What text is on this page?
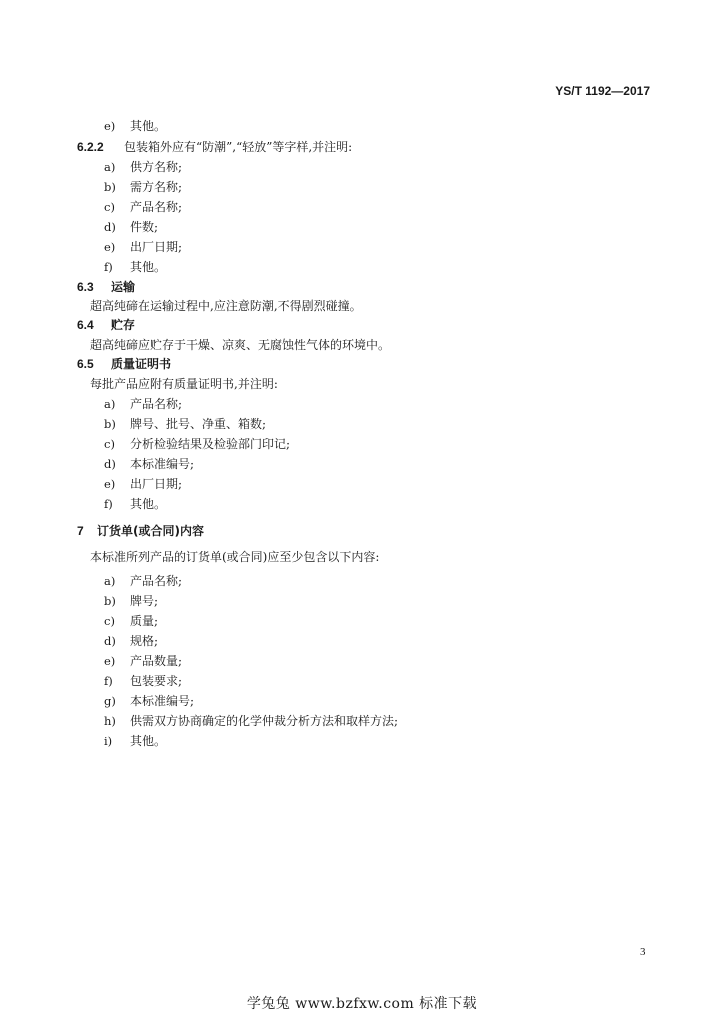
YS/T 1192—2017
e) 其他。
6.2.2 包装箱外应有“防潮”,“轻放”等字样,并注明:
a) 供方名称;
b) 需方名称;
c) 产品名称;
d) 件数;
e) 出厂日期;
f) 其他。
6.3 运输
超高纯碲在运输过程中,应注意防潮,不得剧烈碰撞。
6.4 贮存
超高纯碲应贮存于干燥、凉爽、无腐蚀性气体的环境中。
6.5 质量证明书
每批产品应附有质量证明书,并注明:
a) 产品名称;
b) 牌号、批号、净重、箱数;
c) 分析检验结果及检验部门印记;
d) 本标准编号;
e) 出厂日期;
f) 其他。
7 订货单(或合同)内容
本标准所列产品的订货单(或合同)应至少包含以下内容:
a) 产品名称;
b) 牌号;
c) 质量;
d) 规格;
e) 产品数量;
f) 包装要求;
g) 本标准编号;
h) 供需双方协商确定的化学仲裁分析方法和取样方法;
i) 其他。
3
学兔兔 www.bzfxw.com 标准下载
